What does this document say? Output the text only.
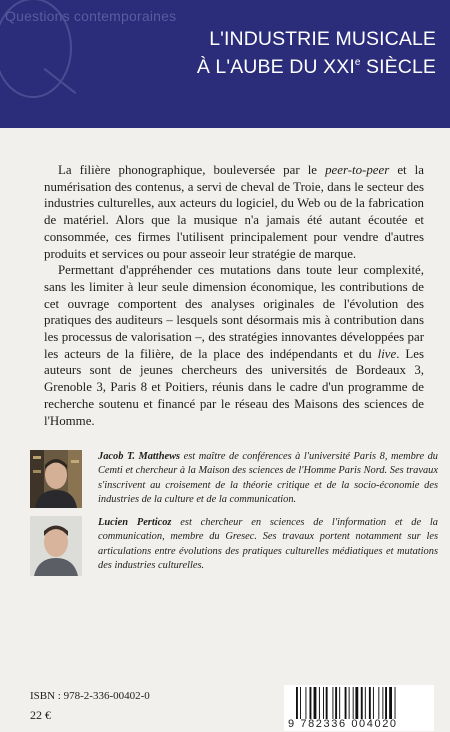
Questions contemporaines
L'INDUSTRIE MUSICALE
À L'AUBE DU XXIe SIÈCLE

La filière phonographique, bouleversée par le peer-to-peer et la numérisation des contenus, a servi de cheval de Troie, dans le secteur des industries culturelles, aux acteurs du logiciel, du Web ou de la fabrication de matériel. Alors que la musique n'a jamais été autant écoutée et consommée, ces firmes l'utilisent principalement pour vendre d'autres produits et services ou pour asseoir leur stratégie de marque.

Permettant d'appréhender ces mutations dans toute leur complexité, sans les limiter à leur seule dimension économique, les contributions de cet ouvrage comportent des analyses originales de l'évolution des pratiques des auditeurs – lesquels sont désormais mis à contribution dans les processus de valorisation –, des stratégies innovantes développées par les acteurs de la filière, de la place des indépendants et du live. Les auteurs sont de jeunes chercheurs des universités de Bordeaux 3, Grenoble 3, Paris 8 et Poitiers, réunis dans le cadre d'un programme de recherche soutenu et financé par le réseau des Maisons des sciences de l'Homme.

Jacob T. Matthews est maître de conférences à l'université Paris 8, membre du Cemti et chercheur à la Maison des sciences de l'Homme Paris Nord. Ses travaux s'inscrivent au croisement de la théorie critique et de la socio-économie des industries de la culture et de la communication.
Lucien Perticoz est chercheur en sciences de l'information et de la communication, membre du Gresec. Ses travaux portent notamment sur les articulations entre évolutions des pratiques culturelles médiatiques et mutations des industries culturelles.
ISBN : 978-2-336-00402-0
22 €
9 782336 004020
